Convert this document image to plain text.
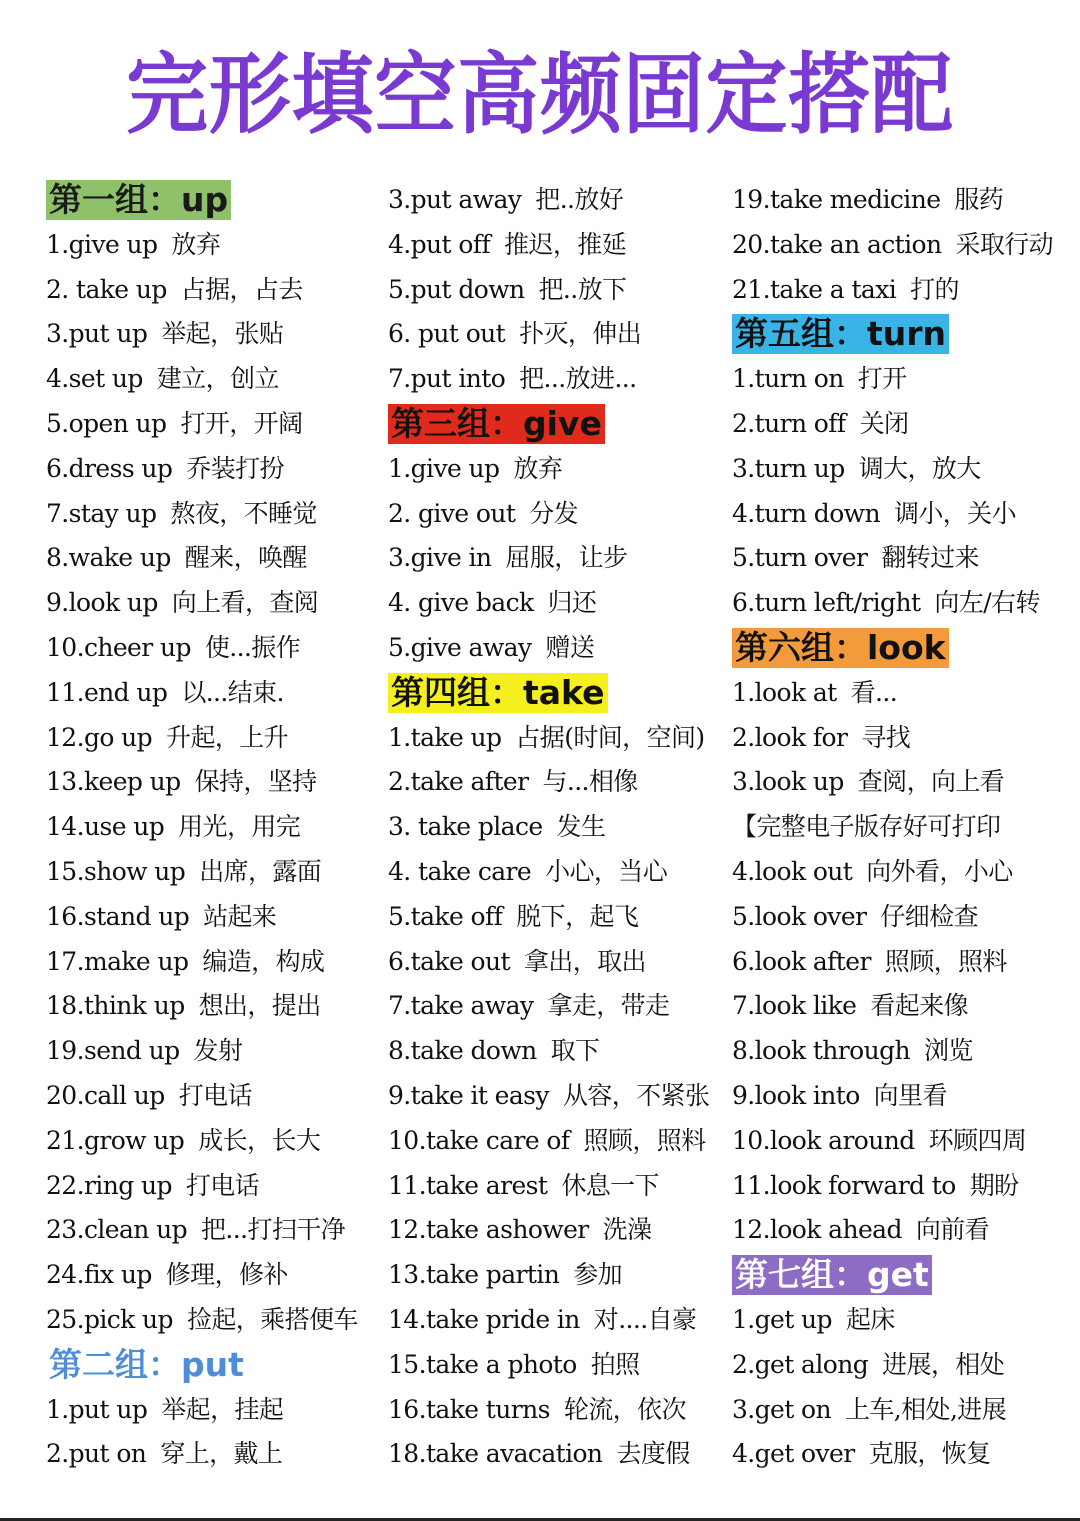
完形填空高频固定搭配
第一组：up
1.give up 放弃
2. take up 占据，占去
3.put up 举起，张贴
4.set up 建立，创立
5.open up 打开，开阔
6.dress up 乔装打扮
7.stay up 熬夜，不睡觉
8.wake up 醒来，唤醒
9.look up 向上看，查阅
10.cheer up 使...振作
11.end up 以...结束.
12.go up 升起，上升
13.keep up 保持，坚持
14.use up 用光，用完
15.show up 出席，露面
16.stand up 站起来
17.make up 编造，构成
18.think up 想出，提出
19.send up 发射
20.call up 打电话
21.grow up 成长，长大
22.ring up 打电话
23.clean up 把...打扫干净
24.fix up 修理，修补
25.pick up 捡起，乘搭便车
第二组：put
1.put up 举起，挂起
2.put on 穿上，戴上
3.put away 把..放好
4.put off 推迟，推延
5.put down 把..放下
6. put out 扑灭，伸出
7.put into 把...放进...
第三组：give
1.give up 放弃
2. give out 分发
3.give in 屈服，让步
4. give back 归还
5.give away 赠送
第四组：take
1.take up 占据(时间，空间)
2.take after 与...相像
3. take place 发生
4. take care 小心，当心
5.take off 脱下，起飞
6.take out 拿出，取出
7.take away 拿走，带走
8.take down 取下
9.take it easy 从容，不紧张
10.take care of 照顾，照料
11.take arest 休息一下
12.take ashower 洗澡
13.take partin 参加
14.take pride in 对....自豪
15.take a photo 拍照
16.take turns 轮流，依次
18.take avacation 去度假
19.take medicine 服药
20.take an action 采取行动
21.take a taxi 打的
第五组：turn
1.turn on 打开
2.turn off 关闭
3.turn up 调大，放大
4.turn down 调小，关小
5.turn over 翻转过来
6.turn left/right 向左/右转
第六组：look
1.look at 看...
2.look for 寻找
3.look up 查阅，向上看
【完整电子版存好可打印
4.look out 向外看，小心
5.look over 仔细检查
6.look after 照顾，照料
7.look like 看起来像
8.look through 浏览
9.look into 向里看
10.look around 环顾四周
11.look forward to 期盼
12.look ahead 向前看
第七组：get
1.get up 起床
2.get along 进展，相处
3.get on 上车,相处,进展
4.get over 克服，恢复
